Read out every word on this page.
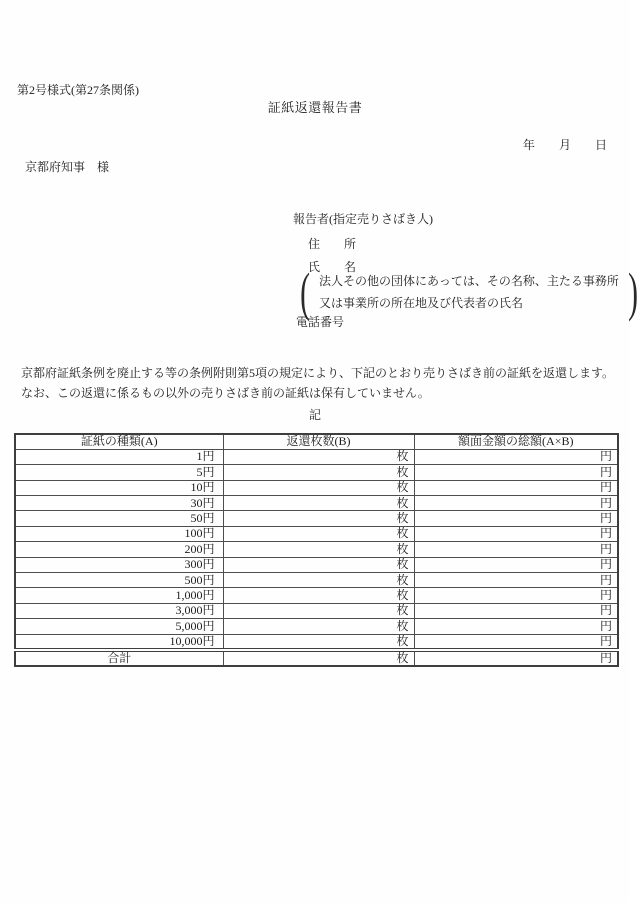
第2号様式(第27条関係)
証紙返還報告書
年　　 月　　 日
京都府知事　様
報告者(指定売りさばき人)
住　　所
氏　　名
( 法人その他の団体にあっては、その名称、主たる事務所
又は事業所の所在地及び代表者の氏名	)
電話番号
京都府証紙条例を廃止する等の条例附則第5項の規定により、下記のとおり売りさばき前の証紙を返還します。
なお、この返還に係るもの以外の売りさばき前の証紙は保有していません。
記
証紙の種類(A)	返還枚数(B)	額面金額の総額(A×B)
1円	枚	円
5円	枚	円
10円	枚	円
30円	枚	円
50円	枚	円
100円	枚	円
200円	枚	円
300円	枚	円
500円	枚	円
1,000円	枚	円
3,000円	枚	円
5,000円	枚	円
10,000円	枚	円
合計	枚	円
